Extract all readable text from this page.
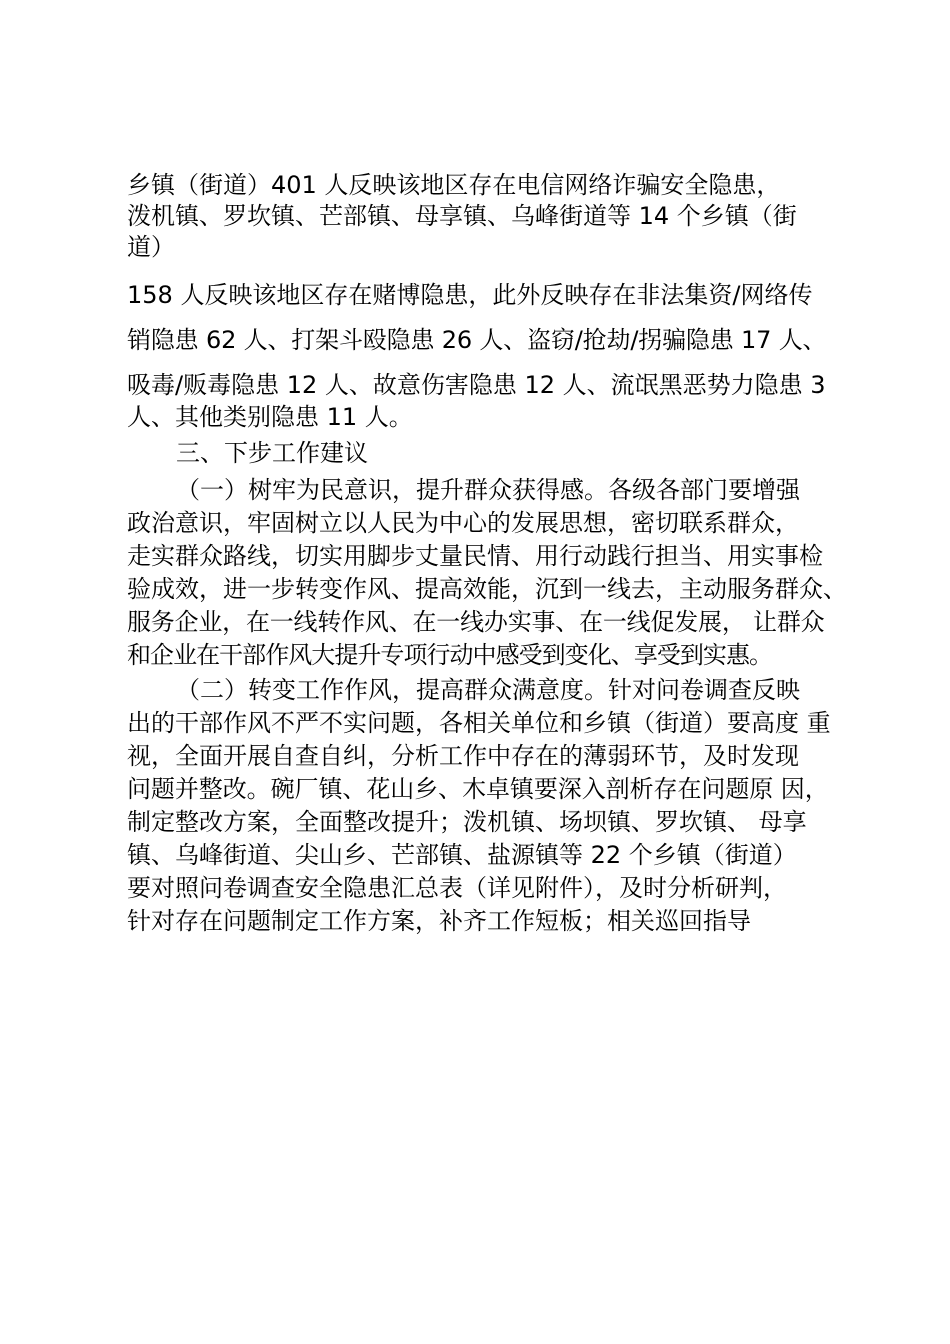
乡镇（街道）401 人反映该地区存在电信网络诈骗安全隐患，
泼机镇、罗坎镇、芒部镇、母享镇、乌峰街道等 14 个乡镇（街
道）
158 人反映该地区存在赌博隐患，此外反映存在非法集资/网络传
销隐患 62 人、打架斗殴隐患 26 人、盗窃/抢劫/拐骗隐患 17 人、
吸毒/贩毒隐患 12 人、故意伤害隐患 12 人、流氓黑恶势力隐患 3
人、其他类别隐患 11 人。
三、下步工作建议
（一）树牢为民意识，提升群众获得感。各级各部门要增强
政治意识，牢固树立以人民为中心的发展思想，密切联系群众，
走实群众路线，切实用脚步丈量民情、用行动践行担当、用实事检
验成效，进一步转变作风、提高效能，沉到一线去，主动服务群众、
服务企业，在一线转作风、在一线办实事、在一线促发展， 让群众
和企业在干部作风大提升专项行动中感受到变化、享受到实惠。
（二）转变工作作风，提高群众满意度。针对问卷调查反映
出的干部作风不严不实问题，各相关单位和乡镇（街道）要高度 重
视，全面开展自查自纠，分析工作中存在的薄弱环节，及时发现
问题并整改。碗厂镇、花山乡、木卓镇要深入剖析存在问题原 因，
制定整改方案，全面整改提升；泼机镇、场坝镇、罗坎镇、 母享
镇、乌峰街道、尖山乡、芒部镇、盐源镇等 22 个乡镇（街道）
要对照问卷调查安全隐患汇总表（详见附件），及时分析研判，
针对存在问题制定工作方案，补齐工作短板；相关巡回指导
